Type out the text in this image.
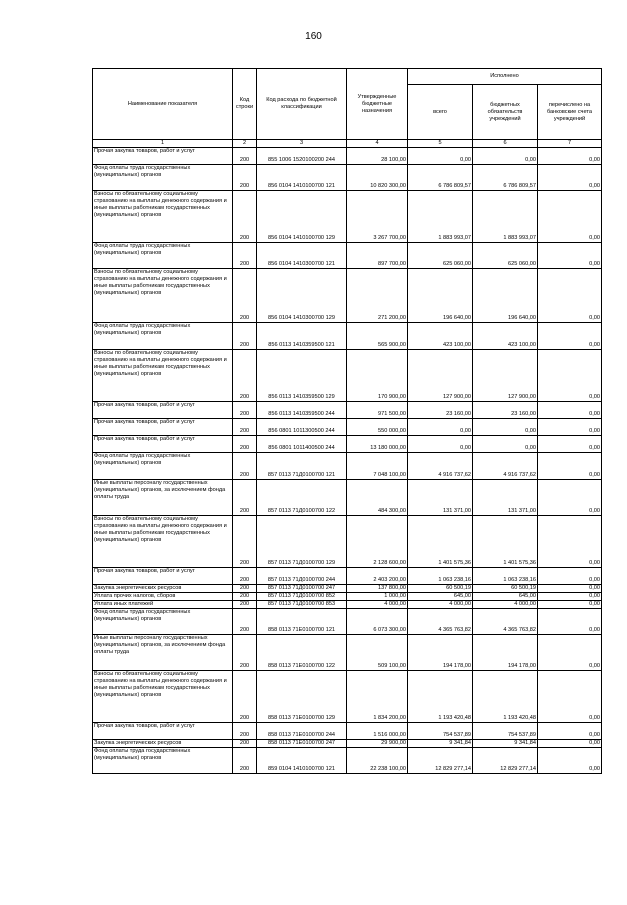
160
Наименование показателя	Код строки	Код расхода по бюджетной классификации	Утвержденные бюджетные назначения	Исполнено		
				всего	бюджетных обязательств учреждений	перечислено на банковские счета учреждений
1	2	3	4	5	6	7
Прочая закупка товаров, работ и услуг	200	855 1006 1520100200 244	28 100,00	0,00	0,00	0,00
Фонд оплаты труда государственных (муниципальных) органов	200	856 0104 1410100700 121	10 820 300,00	6 786 809,57	6 786 809,57	0,00
Взносы по обязательному социальному страхованию на выплаты денежного содержания и иные выплаты работникам государственных (муниципальных) органов	200	856 0104 1410100700 129	3 267 700,00	1 883 993,07	1 883 993,07	0,00
Фонд оплаты труда государственных (муниципальных) органов	200	856 0104 1410300700 121	897 700,00	625 060,00	625 060,00	0,00
Взносы по обязательному социальному страхованию на выплаты денежного содержания и иные выплаты работникам государственных (муниципальных) органов	200	856 0104 1410300700 129	271 200,00	196 640,00	196 640,00	0,00
Фонд оплаты труда государственных (муниципальных) органов	200	856 0113 1410359500 121	565 900,00	423 100,00	423 100,00	0,00
Взносы по обязательному социальному страхованию на выплаты денежного содержания и иные выплаты работникам государственных (муниципальных) органов	200	856 0113 1410359500 129	170 900,00	127 900,00	127 900,00	0,00
Прочая закупка товаров, работ и услуг	200	856 0113 1410359500 244	971 500,00	23 160,00	23 160,00	0,00
Прочая закупка товаров, работ и услуг	200	856 0801 1011300500 244	550 000,00	0,00	0,00	0,00
Прочая закупка товаров, работ и услуг	200	856 0801 1011400500 244	13 180 000,00	0,00	0,00	0,00
Фонд оплаты труда государственных (муниципальных) органов	200	857 0113 71Д0100700 121	7 048 100,00	4 916 737,62	4 916 737,62	0,00
Иные выплаты персоналу государственных (муниципальных) органов, за исключением фонда оплаты труда	200	857 0113 71Д0100700 122	484 300,00	131 371,00	131 371,00	0,00
Взносы по обязательному социальному страхованию на выплаты денежного содержания и иные выплаты работникам государственных (муниципальных) органов	200	857 0113 71Д0100700 129	2 128 600,00	1 401 575,36	1 401 575,36	0,00
Прочая закупка товаров, работ и услуг	200	857 0113 71Д0100700 244	2 403 200,00	1 063 238,16	1 063 238,16	0,00
Закупка энергетических ресурсов	200	857 0113 71Д0100700 247	137 800,00	60 500,19	60 500,19	0,00
Уплата прочих налогов, сборов	200	857 0113 71Д0100700 852	1 000,00	645,00	645,00	0,00
Уплата иных платежей	200	857 0113 71Д0100700 853	4 000,00	4 000,00	4 000,00	0,00
Фонд оплаты труда государственных (муниципальных) органов	200	858 0113 71Е0100700 121	6 073 300,00	4 365 763,82	4 365 763,82	0,00
Иные выплаты персоналу государственных (муниципальных) органов, за исключением фонда оплаты труда	200	858 0113 71Е0100700 122	509 100,00	194 178,00	194 178,00	0,00
Взносы по обязательному социальному страхованию на выплаты денежного содержания и иные выплаты работникам государственных (муниципальных) органов	200	858 0113 71Е0100700 129	1 834 200,00	1 193 420,48	1 193 420,48	0,00
Прочая закупка товаров, работ и услуг	200	858 0113 71Е0100700 244	1 516 000,00	754 537,89	754 537,89	0,00
Закупка энергетических ресурсов	200	858 0113 71Е0100700 247	29 900,00	9 341,84	9 341,84	0,00
Фонд оплаты труда государственных (муниципальных) органов	200	859 0104 1410100700 121	22 238 100,00	12 829 277,14	12 829 277,14	0,00
